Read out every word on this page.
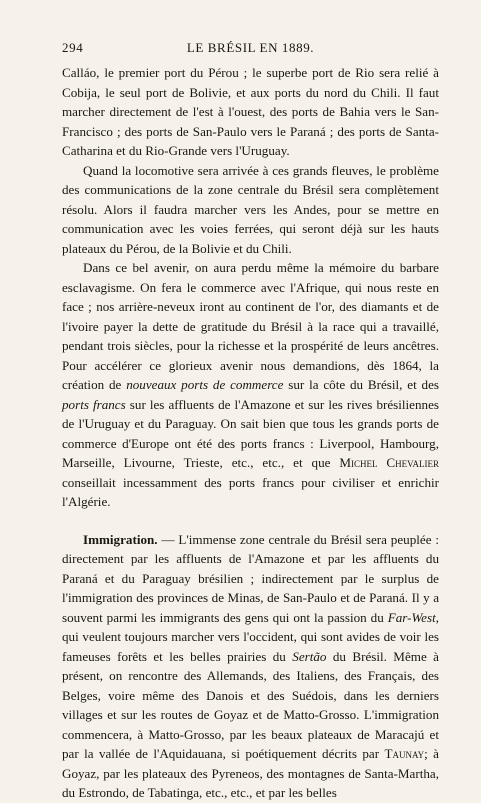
294	LE BRÉSIL EN 1889.

Calláo, le premier port du Pérou ; le superbe port de Rio sera relié à Cobija, le seul port de Bolivie, et aux ports du nord du Chili. Il faut marcher directement de l'est à l'ouest, des ports de Bahia vers le San-Francisco ; des ports de San-Paulo vers le Paraná ; des ports de Santa-Catharina et du Rio-Grande vers l'Uruguay.

Quand la locomotive sera arrivée à ces grands fleuves, le problème des communications de la zone centrale du Brésil sera complètement résolu. Alors il faudra marcher vers les Andes, pour se mettre en communication avec les voies ferrées, qui seront déjà sur les hauts plateaux du Pérou, de la Bolivie et du Chili.

Dans ce bel avenir, on aura perdu même la mémoire du barbare esclavagisme. On fera le commerce avec l'Afrique, qui nous reste en face ; nos arrière-neveux iront au continent de l'or, des diamants et de l'ivoire payer la dette de gratitude du Brésil à la race qui a travaillé, pendant trois siècles, pour la richesse et la prospérité de leurs ancêtres. Pour accélérer ce glorieux avenir nous demandions, dès 1864, la création de nouveaux ports de commerce sur la côte du Brésil, et des ports francs sur les affluents de l'Amazone et sur les rives brésiliennes de l'Uruguay et du Paraguay. On sait bien que tous les grands ports de commerce d'Europe ont été des ports francs : Liverpool, Hambourg, Marseille, Livourne, Trieste, etc., etc., et que Michel Chevalier conseillait incessamment des ports francs pour civiliser et enrichir l'Algérie.

Immigration. — L'immense zone centrale du Brésil sera peuplée : directement par les affluents de l'Amazone et par les affluents du Paraná et du Paraguay brésilien ; indirectement par le surplus de l'immigration des provinces de Minas, de San-Paulo et de Paraná. Il y a souvent parmi les immigrants des gens qui ont la passion du Far-West, qui veulent toujours marcher vers l'occident, qui sont avides de voir les fameuses forêts et les belles prairies du Sertão du Brésil. Même à présent, on rencontre des Allemands, des Italiens, des Français, des Belges, voire même des Danois et des Suédois, dans les derniers villages et sur les routes de Goyaz et de Matto-Grosso. L'immigration commencera, à Matto-Grosso, par les beaux plateaux de Maracajú et par la vallée de l'Aquidauana, si poétiquement décrits par Taunay; à Goyaz, par les plateaux des Pyreneos, des montagnes de Santa-Martha, du Estrondo, de Tabatinga, etc., etc., et par les belles
